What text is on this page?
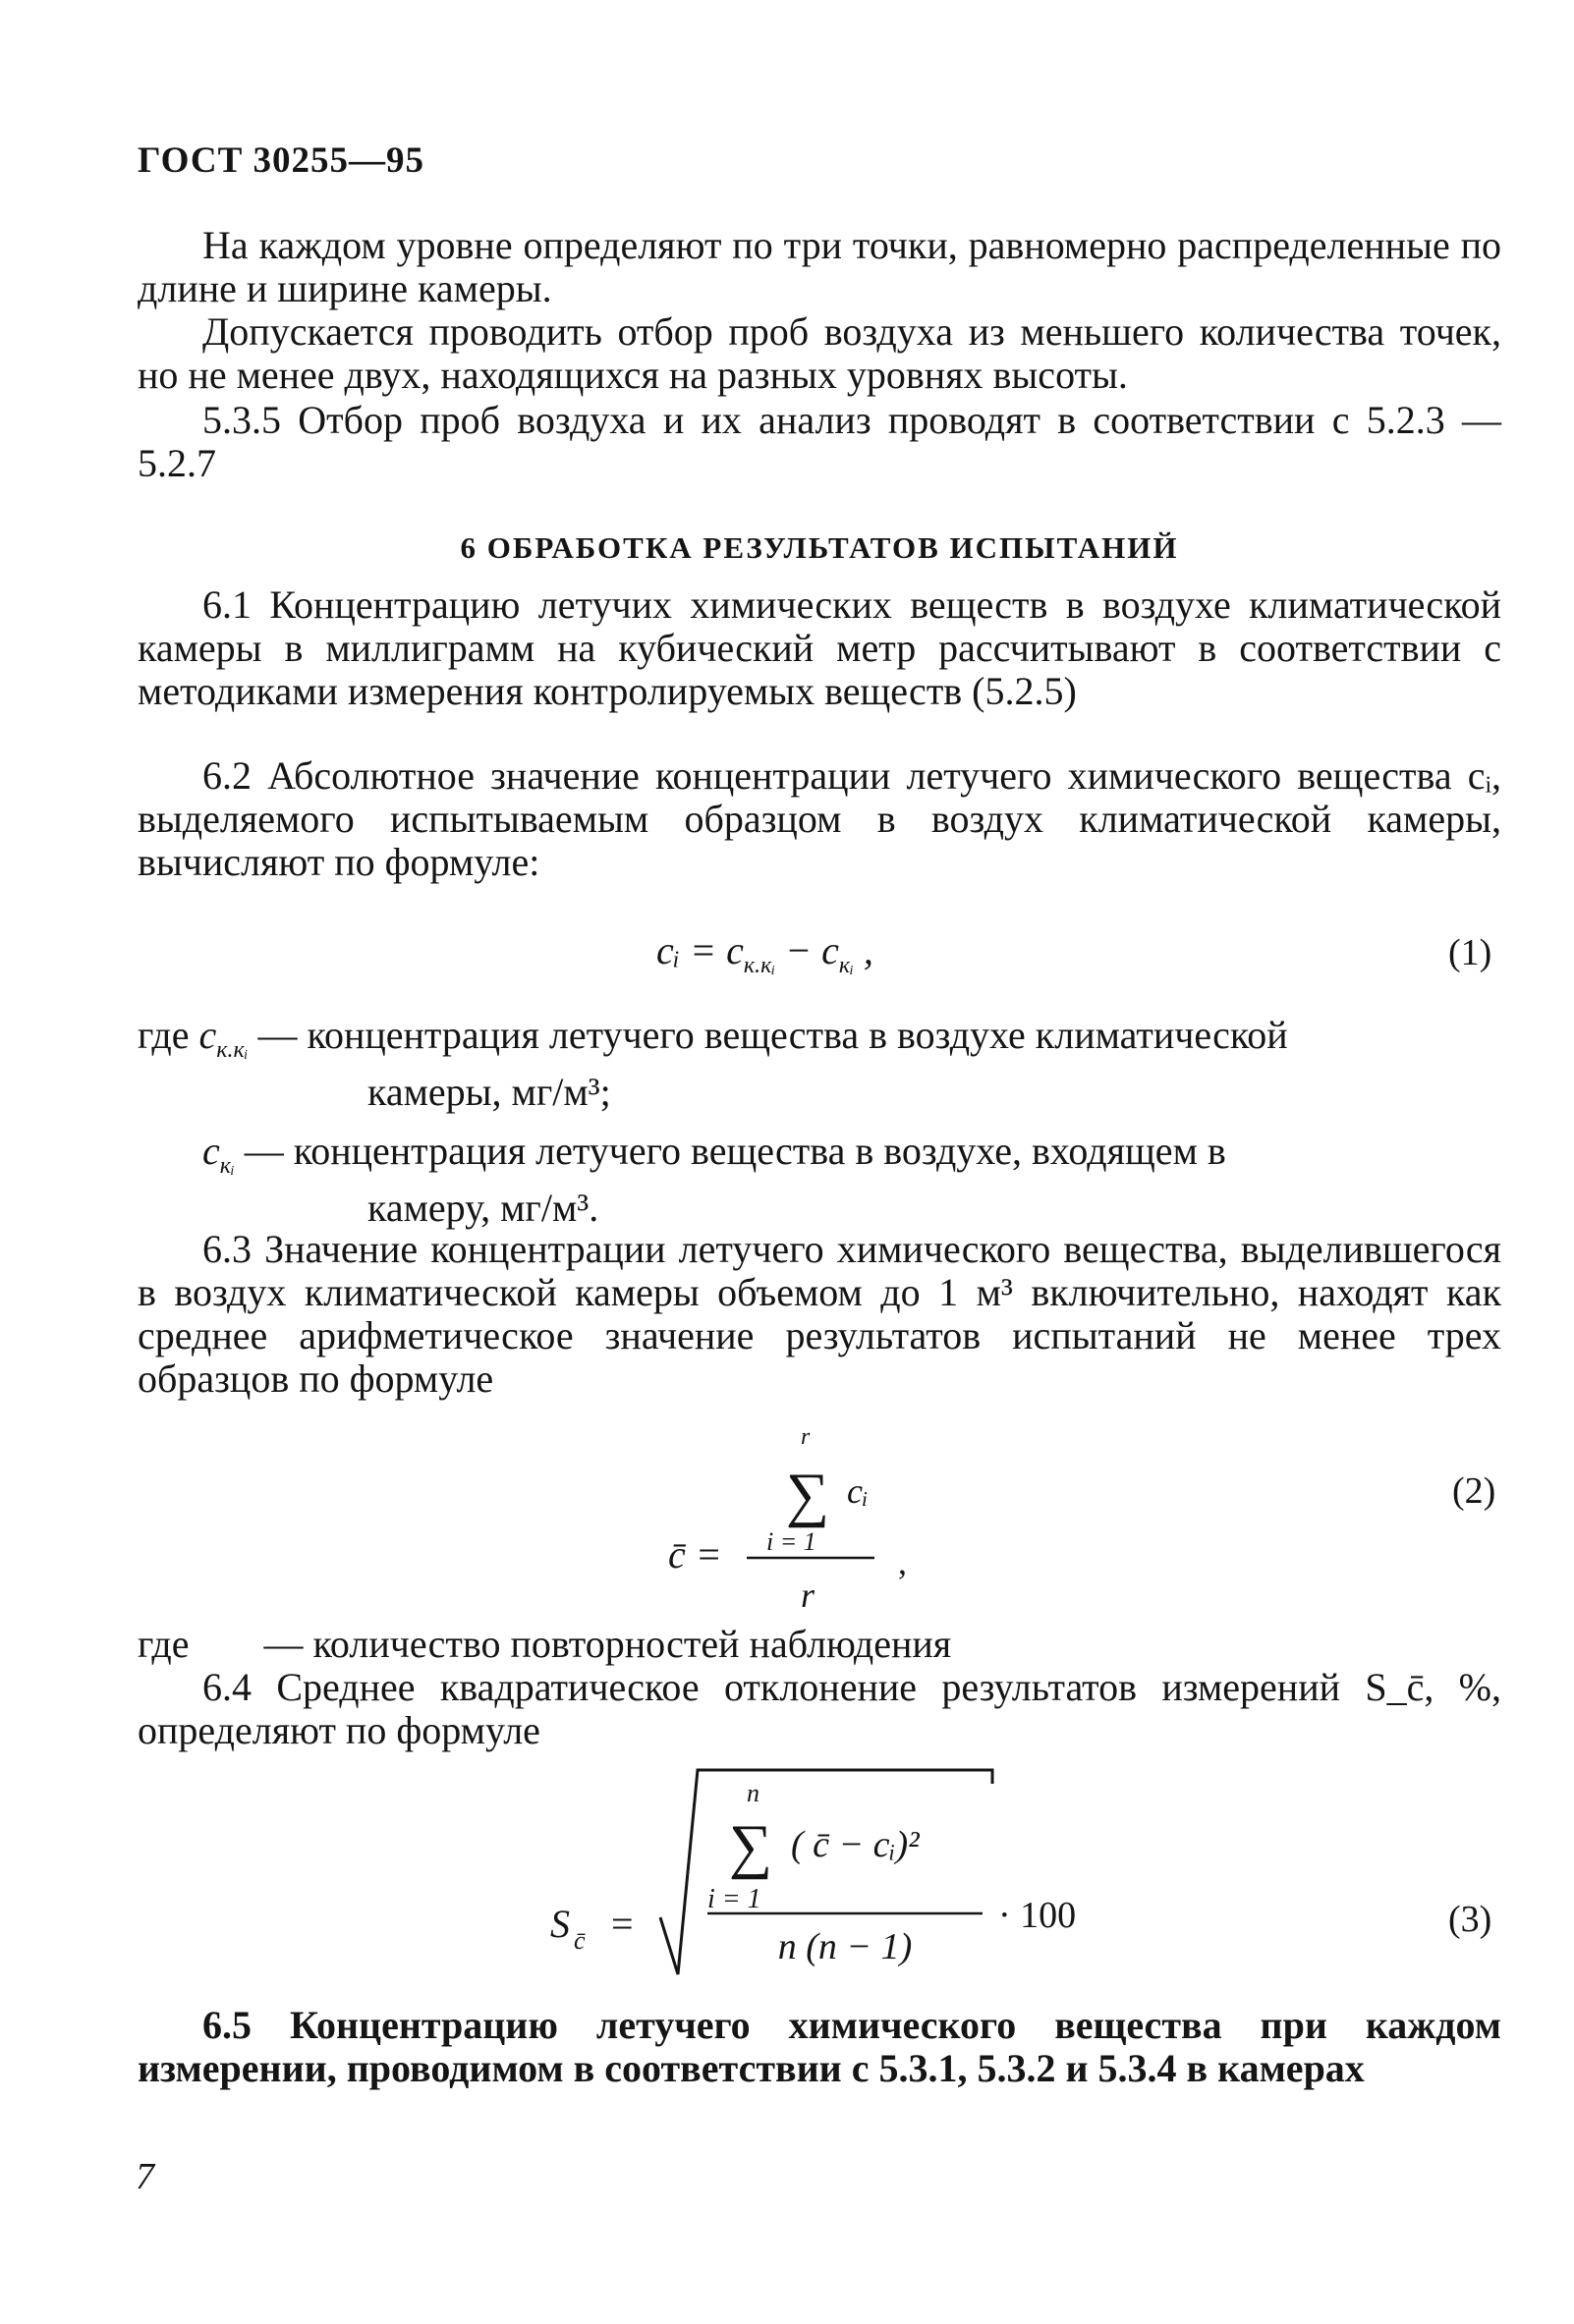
ГОСТ 30255—95
На каждом уровне определяют по три точки, равномерно распределенные по длине и ширине камеры.
Допускается проводить отбор проб воздуха из меньшего количества точек, но не менее двух, находящихся на разных уровнях высоты.
5.3.5 Отбор проб воздуха и их анализ проводят в соответствии с 5.2.3 — 5.2.7
6 ОБРАБОТКА РЕЗУЛЬТАТОВ ИСПЫТАНИЙ
6.1 Концентрацию летучих химических веществ в воздухе климатической камеры в миллиграмм на кубический метр рассчитывают в соответствии с методиками измерения контролируемых веществ (5.2.5)
6.2 Абсолютное значение концентрации летучего химического вещества cᵢ, выделяемого испытываемым образцом в воздух климатической камеры, вычисляют по формуле:
cᵢ = $c_{к.кᵢ} - c_{кᵢ}$ ,	(1)
где $c_{к.кᵢ}$ — концентрация летучего вещества в воздухе климатической
камеры, мг/м³;
$c_{кᵢ}$ — концентрация летучего вещества в воздухе, входящем в
камеру, мг/м³.
6.3 Значение концентрации летучего химического вещества, выделившегося в воздух климатической камеры объемом до 1 м³ включительно, находят как среднее арифметическое значение результатов испытаний не менее трех образцов по формуле
r
∑ cᵢ
i = 1
c̄ =
r
,
(2)
где — количество повторностей наблюдения
6.4 Среднее квадратическое отклонение результатов измерений S_c̄, %, определяют по формуле
S c̄ =
n
∑ ( c̄ − cᵢ)²
i = 1
n (n − 1)
· 100	(3)
6.5 Концентрацию летучего химического вещества при каждом измерении, проводимом в соответствии с 5.3.1, 5.3.2 и 5.3.4 в камерах
7
